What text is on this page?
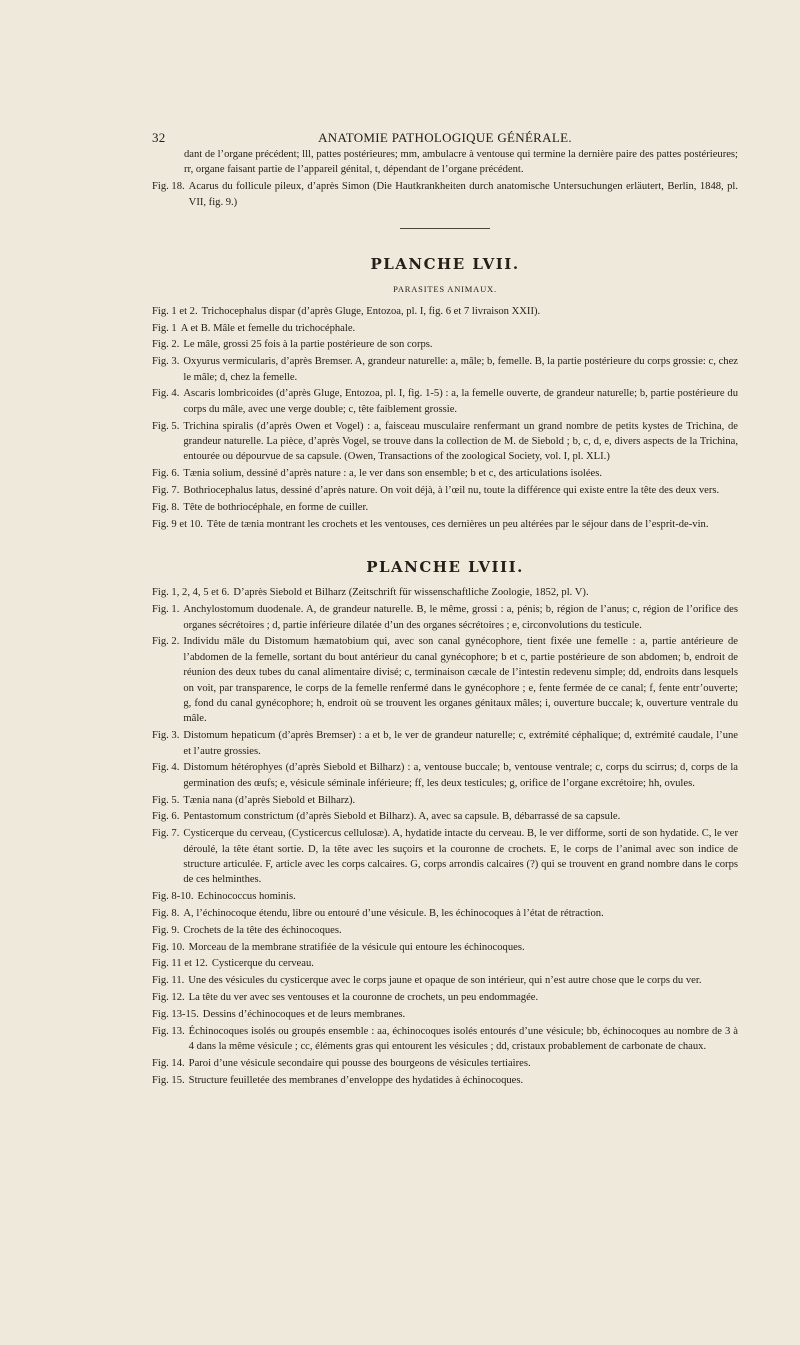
32	ANATOMIE PATHOLOGIQUE GÉNÉRALE.
dant de l’organe précédent; lll, pattes postérieures; mm, ambulacre à ventouse qui termine la dernière paire des pattes postérieures; rr, organe faisant partie de l’appareil génital, t, dépendant de l’organe précédent.
Fig. 18. Acarus du follicule pileux, d’après Simon (Die Hautkrankheiten durch anatomische Untersuchungen erläutert, Berlin, 1848, pl. VII, fig. 9.)
PLANCHE LVII.
PARASITES ANIMAUX.
Fig. 1 et 2. Trichocephalus dispar (d’après Gluge, Entozoa, pl. I, fig. 6 et 7 livraison XXII).
Fig. 1 A et B. Mâle et femelle du trichocéphale.
Fig. 2. Le mâle, grossi 25 fois à la partie postérieure de son corps.
Fig. 3. Oxyurus vermicularis, d’après Bremser. A, grandeur naturelle: a, mâle; b, femelle. B, la partie postérieure du corps grossie: c, chez le mâle; d, chez la femelle.
Fig. 4. Ascaris lombricoides (d’après Gluge, Entozoa, pl. I, fig. 1-5) : a, la femelle ouverte, de grandeur naturelle; b, partie postérieure du corps du mâle, avec une verge double; c, tête faiblement grossie.
Fig. 5. Trichina spiralis (d’après Owen et Vogel) : a, faisceau musculaire renfermant un grand nombre de petits kystes de Trichina, de grandeur naturelle. La pièce, d’après Vogel, se trouve dans la collection de M. de Siebold ; b, c, d, e, divers aspects de la Trichina, entourée ou dépourvue de sa capsule. (Owen, Transactions of the zoological Society, vol. I, pl. XLI.)
Fig. 6. Tænia solium, dessiné d’après nature : a, le ver dans son ensemble; b et c, des articulations isolées.
Fig. 7. Bothriocephalus latus, dessiné d’après nature. On voit déjà, à l’œil nu, toute la différence qui existe entre la tête des deux vers.
Fig. 8. Tête de bothriocéphale, en forme de cuiller.
Fig. 9 et 10. Tête de tænia montrant les crochets et les ventouses, ces dernières un peu altérées par le séjour dans de l’esprit-de-vin.
PLANCHE LVIII.
Fig. 1, 2, 4, 5 et 6. D’après Siebold et Bilharz (Zeitschrift für wissenschaftliche Zoologie, 1852, pl. V).
Fig. 1. Anchylostomum duodenale. A, de grandeur naturelle. B, le même, grossi : a, pénis; b, région de l’anus; c, région de l’orifice des organes sécrétoires ; d, partie inférieure dilatée d’un des organes sécrétoires ; e, circonvolutions du testicule.
Fig. 2. Individu mâle du Distomum hæmatobium qui, avec son canal gynécophore, tient fixée une femelle : a, partie antérieure de l’abdomen de la femelle, sortant du bout antérieur du canal gynécophore; b et c, partie postérieure de son abdomen; b, endroit de réunion des deux tubes du canal alimentaire divisé; c, terminaison cæcale de l’intestin redevenu simple; dd, endroits dans lesquels on voit, par transparence, le corps de la femelle renfermé dans le gynécophore ; e, fente fermée de ce canal; f, fente entr’ouverte; g, fond du canal gynécophore; h, endroit où se trouvent les organes génitaux mâles; i, ouverture buccale; k, ouverture ventrale du mâle.
Fig. 3. Distomum hepaticum (d’après Bremser) : a et b, le ver de grandeur naturelle; c, extrémité céphalique; d, extrémité caudale, l’une et l’autre grossies.
Fig. 4. Distomum hétérophyes (d’après Siebold et Bilharz) : a, ventouse buccale; b, ventouse ventrale; c, corps du scirrus; d, corps de la germination des œufs; e, vésicule séminale inférieure; ff, les deux testicules; g, orifice de l’organe excrétoire; hh, ovules.
Fig. 5. Tænia nana (d’après Siebold et Bilharz).
Fig. 6. Pentastomum constrictum (d’après Siebold et Bilharz). A, avec sa capsule. B, débarrassé de sa capsule.
Fig. 7. Cysticerque du cerveau, (Cysticercus cellulosæ). A, hydatide intacte du cerveau. B, le ver difforme, sorti de son hydatide. C, le ver déroulé, la tête étant sortie. D, la tête avec les suçoirs et la couronne de crochets. E, le corps de l’animal avec son indice de structure articulée. F, article avec les corps calcaires. G, corps arrondis calcaires (?) qui se trouvent en grand nombre dans le corps de ces helminthes.
Fig. 8-10. Echinococcus hominis.
Fig. 8. A, l’échinocoque étendu, libre ou entouré d’une vésicule. B, les échinocoques à l’état de rétraction.
Fig. 9. Crochets de la tête des échinocoques.
Fig. 10. Morceau de la membrane stratifiée de la vésicule qui entoure les échinocoques.
Fig. 11 et 12. Cysticerque du cerveau.
Fig. 11. Une des vésicules du cysticerque avec le corps jaune et opaque de son intérieur, qui n’est autre chose que le corps du ver.
Fig. 12. La tête du ver avec ses ventouses et la couronne de crochets, un peu endommagée.
Fig. 13-15. Dessins d’échinocoques et de leurs membranes.
Fig. 13. Échinocoques isolés ou groupés ensemble : aa, échinocoques isolés entourés d’une vésicule; bb, échinocoques au nombre de 3 à 4 dans la même vésicule ; cc, éléments gras qui entourent les vésicules ; dd, cristaux probablement de carbonate de chaux.
Fig. 14. Paroi d’une vésicule secondaire qui pousse des bourgeons de vésicules tertiaires.
Fig. 15. Structure feuilletée des membranes d’enveloppe des hydatides à échinocoques.
